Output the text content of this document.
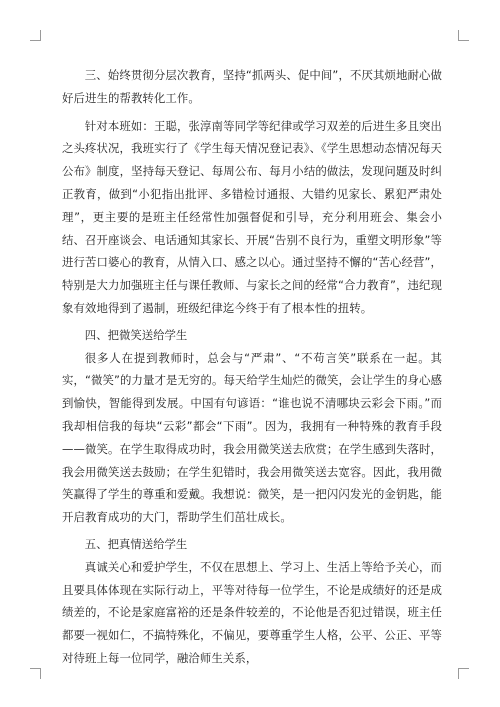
三、始终贯彻分层次教育，坚持“抓两头、促中间”，不厌其烦地耐心做好后进生的帮教转化工作。

针对本班如：王聪，张淳南等同学等纪律或学习双差的后进生多且突出之头疼状况，我班实行了《学生每天情况登记表》、《学生思想动态情况每天公布》制度，坚持每天登记、每周公布、每月小结的做法，发现问题及时纠正教育，做到“小犯指出批评、多错检讨通报、大错约见家长、累犯严肃处理”，更主要的是班主任经常性加强督促和引导，充分利用班会、集会小结、召开座谈会、电话通知其家长、开展“告别不良行为，重塑文明形象”等进行苦口婆心的教育，从情入口、感之以心。通过坚持不懈的“苦心经营”，特别是大力加强班主任与课任教师、与家长之间的经常“合力教育”，违纪现象有效地得到了遏制，班级纪律迄今终于有了根本性的扭转。

四、把微笑送给学生

很多人在提到教师时，总会与“严肃”、“不苟言笑”联系在一起。其实，“微笑”的力量才是无穷的。每天给学生灿烂的微笑，会让学生的身心感到愉快，智能得到发展。中国有句谚语：“谁也说不清哪块云彩会下雨。”而我却相信我的每块“云彩”都会“下雨”。因为，我拥有一种特殊的教育手段——微笑。在学生取得成功时，我会用微笑送去欣赏；在学生感到失落时，我会用微笑送去鼓励；在学生犯错时，我会用微笑送去宽容。因此，我用微笑赢得了学生的尊重和爱戴。我想说：微笑，是一把闪闪发光的金钥匙，能开启教育成功的大门，帮助学生们茁壮成长。

五、把真情送给学生

真诚关心和爱护学生，不仅在思想上、学习上、生活上等给予关心，而且要具体体现在实际行动上，平等对待每一位学生，不论是成绩好的还是成绩差的，不论是家庭富裕的还是条件较差的，不论他是否犯过错误，班主任都要一视如仁，不搞特殊化，不偏见，要尊重学生人格，公平、公正、平等对待班上每一位同学，融洽师生关系，
